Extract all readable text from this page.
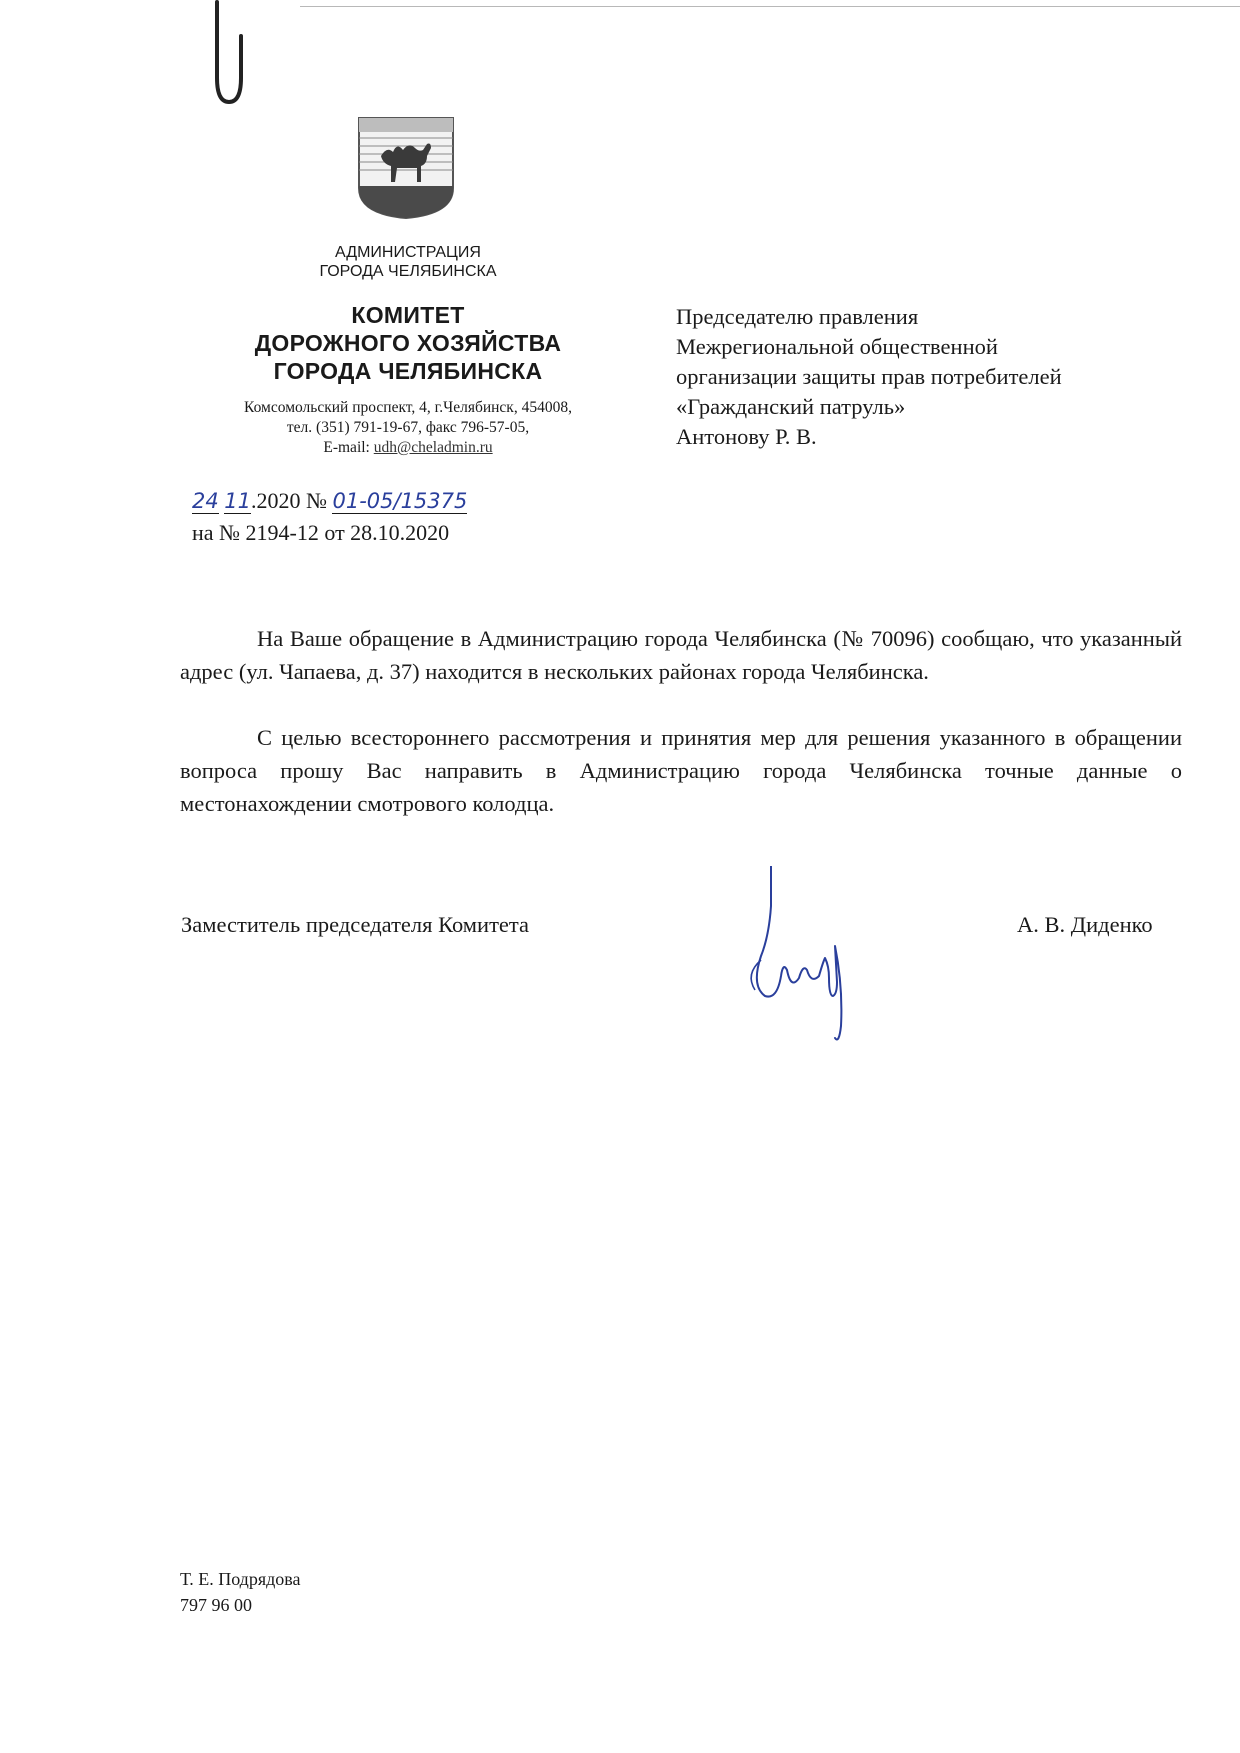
АДМИНИСТРАЦИЯ
ГОРОДА ЧЕЛЯБИНСКА
КОМИТЕТ
ДОРОЖНОГО ХОЗЯЙСТВА
ГОРОДА ЧЕЛЯБИНСКА
Комсомольский проспект, 4, г.Челябинск, 454008,
тел. (351) 791-19-67, факс 796-57-05,
E-mail: udh@cheladmin.ru
24 11.2020 № 01-05/15375
на № 2194-12 от 28.10.2020
Председателю правления
Межрегиональной общественной
организации защиты прав потребителей
«Гражданский патруль»
Антонову Р. В.
На Ваше обращение в Администрацию города Челябинска (№ 70096) сообщаю, что указанный адрес (ул. Чапаева, д. 37) находится в нескольких районах города Челябинска.
С целью всестороннего рассмотрения и принятия мер для решения указанного в обращении вопроса прошу Вас направить в Администрацию города Челябинска точные данные о местонахождении смотрового колодца.
Заместитель председателя Комитета	А. В. Диденко
Т. Е. Подрядова
797 96 00
